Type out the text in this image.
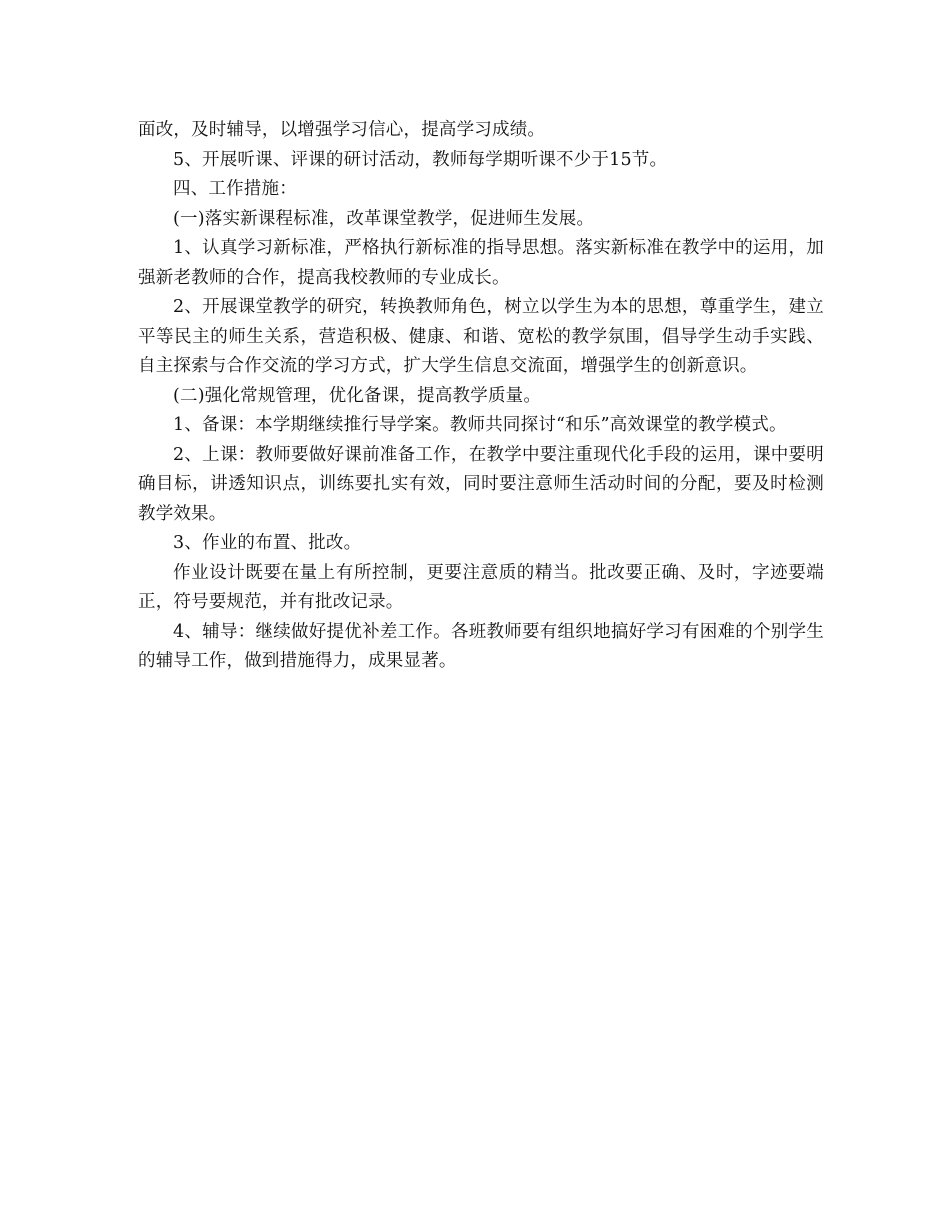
面改，及时辅导，以增强学习信心，提高学习成绩。

5、开展听课、评课的研讨活动，教师每学期听课不少于15节。

四、工作措施：

(一)落实新课程标准，改革课堂教学，促进师生发展。

1、认真学习新标准，严格执行新标准的指导思想。落实新标准在教学中的运用，加强新老教师的合作，提高我校教师的专业成长。

2、开展课堂教学的研究，转换教师角色，树立以学生为本的思想，尊重学生，建立平等民主的师生关系，营造积极、健康、和谐、宽松的教学氛围，倡导学生动手实践、自主探索与合作交流的学习方式，扩大学生信息交流面，增强学生的创新意识。

(二)强化常规管理，优化备课，提高教学质量。

1、备课：本学期继续推行导学案。教师共同探讨“和乐”高效课堂的教学模式。

2、上课：教师要做好课前准备工作，在教学中要注重现代化手段的运用，课中要明确目标，讲透知识点，训练要扎实有效，同时要注意师生活动时间的分配，要及时检测教学效果。

3、作业的布置、批改。

作业设计既要在量上有所控制，更要注意质的精当。批改要正确、及时，字迹要端正，符号要规范，并有批改记录。

4、辅导：继续做好提优补差工作。各班教师要有组织地搞好学习有困难的个别学生的辅导工作，做到措施得力，成果显著。
